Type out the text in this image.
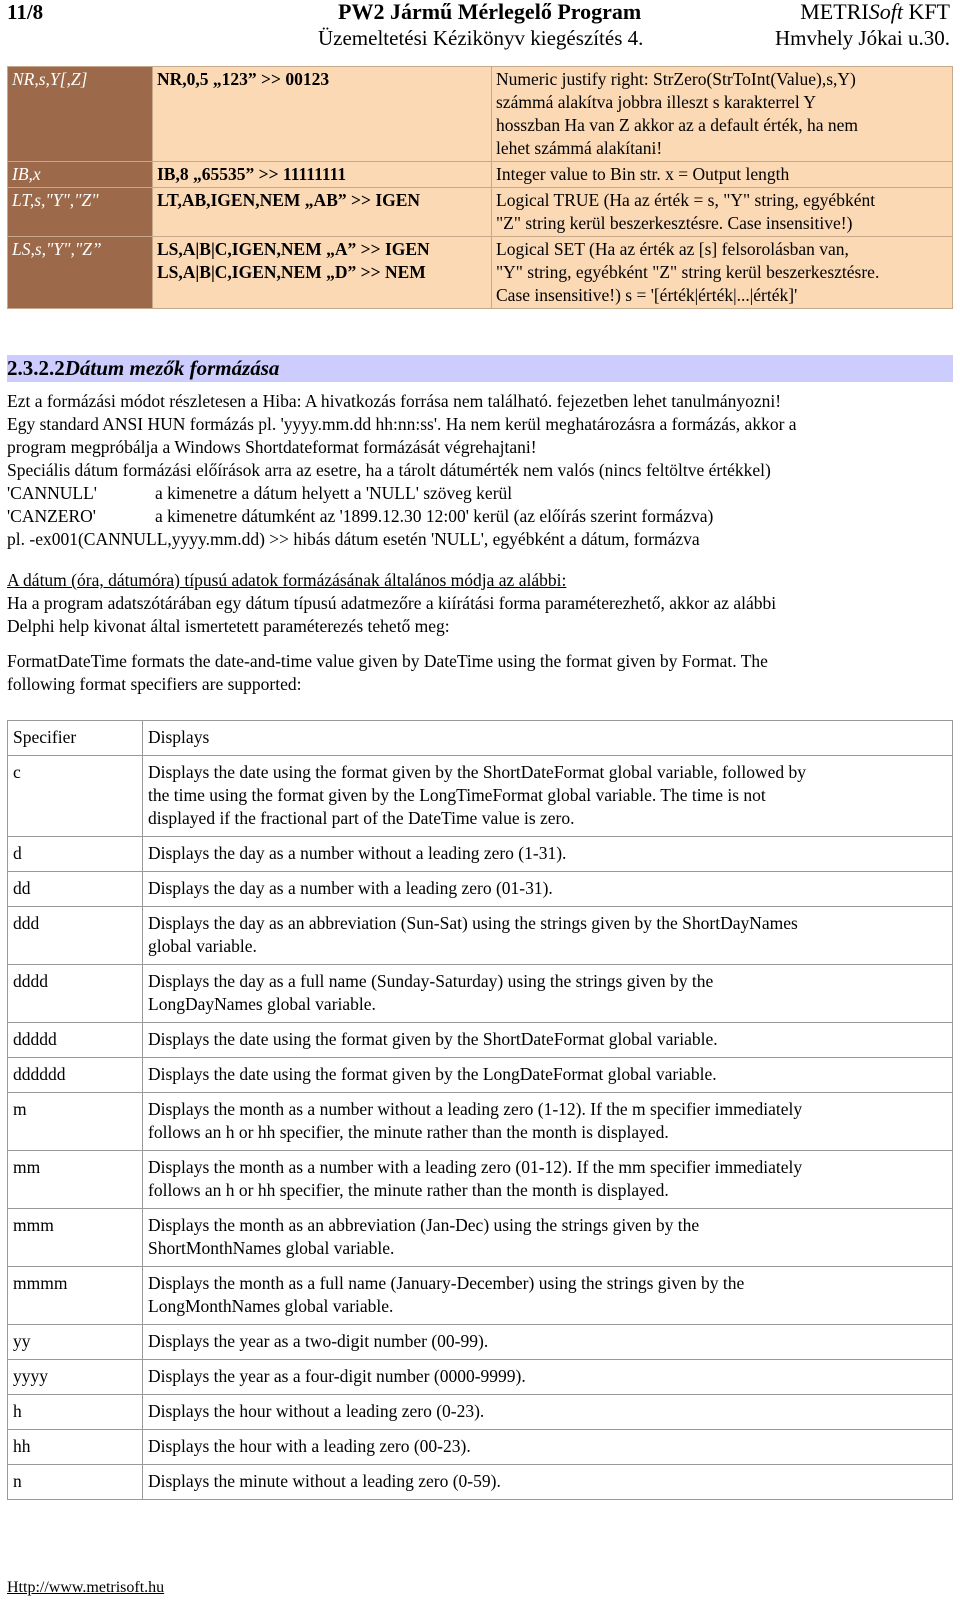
11/8	PW2 Jármű Mérlegelő Program
Üzemeltetési Kézikönyv kiegészítés 4.
METRISoft KFT
Hmvhely Jókai u.30.
NR,s,Y[,Z]	NR,0,5 „123” >> 00123	Numeric justify right: StrZero(StrToInt(Value),s,Y)
számmá alakítva jobbra illeszt s karakterrel Y
hosszban Ha van Z akkor az a default érték, ha nem
lehet számmá alakítani!

IB,x	IB,8 „65535” >> 11111111	Integer value to Bin str. x = Output length

LT,s,"Y","Z"	LT,AB,IGEN,NEM „AB” >> IGEN	Logical TRUE (Ha az érték = s, "Y" string, egyébként
"Z" string kerül beszerkesztésre. Case insensitive!)

LS,s,"Y","Z”	LS,A|B|C,IGEN,NEM „A” >> IGEN
LS,A|B|C,IGEN,NEM „D” >> NEM	Logical SET (Ha az érték az [s] felsorolásban van,
"Y" string, egyébként "Z" string kerül beszerkesztésre.
Case insensitive!) s = '[érték|érték|...|érték]'
2.3.2.2Dátum mezők formázása
Ezt a formázási módot részletesen a Hiba: A hivatkozás forrása nem található. fejezetben lehet tanulmányozni!
Egy standard ANSI HUN formázás pl. 'yyyy.mm.dd hh:nn:ss'. Ha nem kerül meghatározásra a formázás, akkor a
program megpróbálja a Windows Shortdateformat formázását végrehajtani!
Speciális dátum formázási előírások arra az esetre, ha a tárolt dátumérték nem valós (nincs feltöltve értékkel)
'CANNULL'	a kimenetre a dátum helyett a 'NULL' szöveg kerül
'CANZERO'	a kimenetre dátumként az '1899.12.30 12:00' kerül (az előírás szerint formázva)
pl. -ex001(CANNULL,yyyy.mm.dd) >> hibás dátum esetén 'NULL', egyébként a dátum, formázva
A dátum (óra, dátumóra) típusú adatok formázásának általános módja az alábbi:
Ha a program adatszótárában egy dátum típusú adatmezőre a kiírátási forma paraméterezhető, akkor az alábbi
Delphi help kivonat által ismertetett paraméterezés tehető meg:
FormatDateTime formats the date-and-time value given by DateTime using the format given by Format. The
following format specifiers are supported:
Specifier	Displays
c	Displays the date using the format given by the ShortDateFormat global variable, followed by
the time using the format given by the LongTimeFormat global variable. The time is not
displayed if the fractional part of the DateTime value is zero.

d	Displays the day as a number without a leading zero (1-31).

dd	Displays the day as a number with a leading zero (01-31).

ddd	Displays the day as an abbreviation (Sun-Sat) using the strings given by the ShortDayNames
global variable.

dddd	Displays the day as a full name (Sunday-Saturday) using the strings given by the
LongDayNames global variable.

ddddd	Displays the date using the format given by the ShortDateFormat global variable.

dddddd	Displays the date using the format given by the LongDateFormat global variable.

m	Displays the month as a number without a leading zero (1-12). If the m specifier immediately
follows an h or hh specifier, the minute rather than the month is displayed.

mm	Displays the month as a number with a leading zero (01-12). If the mm specifier immediately
follows an h or hh specifier, the minute rather than the month is displayed.

mmm	Displays the month as an abbreviation (Jan-Dec) using the strings given by the
ShortMonthNames global variable.

mmmm	Displays the month as a full name (January-December) using the strings given by the
LongMonthNames global variable.

yy	Displays the year as a two-digit number (00-99).

yyyy	Displays the year as a four-digit number (0000-9999).

h	Displays the hour without a leading zero (0-23).

hh	Displays the hour with a leading zero (00-23).

n	Displays the minute without a leading zero (0-59).
Http://www.metrisoft.hu
